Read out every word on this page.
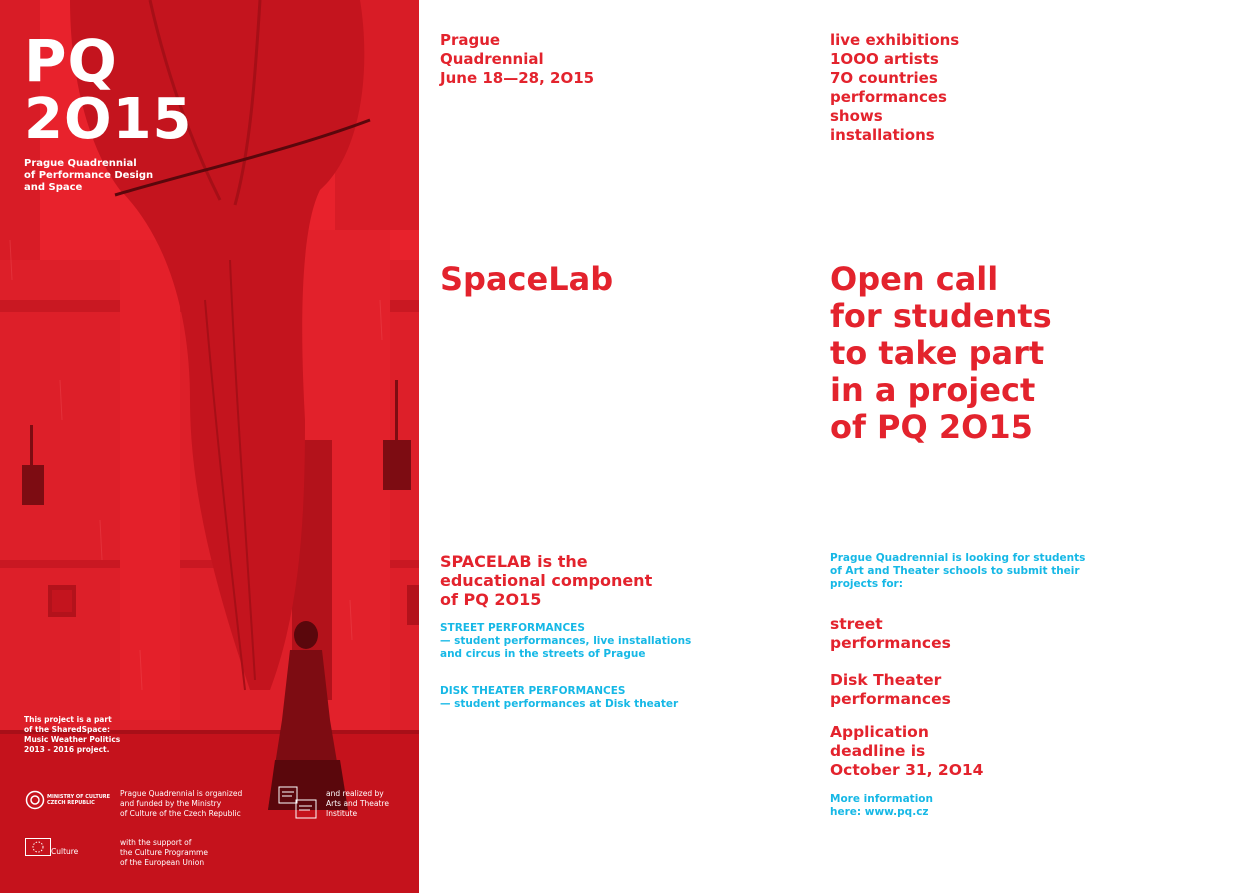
PQ
2O15
Prague Quadrennial
of Performance Design
and Space
This project is a part
of the SharedSpace:
Music Weather Politics
2013 - 2016 project.
MINISTRY OF CULTURE
CZECH REPUBLIC
Prague Quadrennial is organized
and funded by the Ministry
of Culture of the Czech Republic
and realized by
Arts and Theatre
Institute
Culture
with the support of
the Culture Programme
of the European Union
Prague
Quadrennial
June 18—28, 2O15
live exhibitions
1OOO artists
7O countries
performances
shows
installations
SpaceLab	Open call
for students
to take part
in a project
of PQ 2O15
SPACELAB is the
educational component
of PQ 2O15
STREET PERFORMANCES
— student performances, live installations
and circus in the streets of Prague
DISK THEATER PERFORMANCES
— student performances at Disk theater
Prague Quadrennial is looking for students
of Art and Theater schools to submit their
projects for:
street
performances
Disk Theater
performances
Application
deadline is
October 31, 2O14
More information
here: www.pq.cz
